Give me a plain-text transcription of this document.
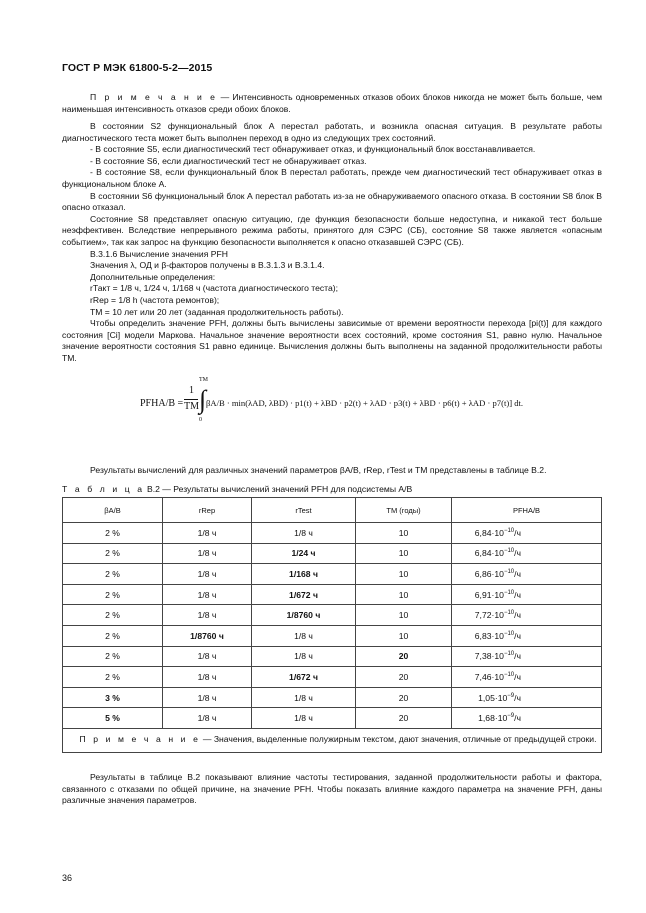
ГОСТ Р МЭК 61800-5-2—2015

П р и м е ч а н и е — Интенсивность одновременных отказов обоих блоков никогда не может быть больше, чем наименьшая интенсивность отказов среди обоих блоков.

В состоянии S2 функциональный блок А перестал работать, и возникла опасная ситуация. В результате работы диагностического теста может быть выполнен переход в одно из следующих трех состояний.

- В состояние S5, если диагностический тест обнаруживает отказ, и функциональный блок восстанавливается.

- В состояние S6, если диагностический тест не обнаруживает отказ.

- В состояние S8, если функциональный блок В перестал работать, прежде чем диагностический тест обнаруживает отказ в функциональном блоке А.

В состоянии S6 функциональный блок А перестал работать из-за не обнаруживаемого опасного отказа. В состоянии S8 блок В опасно отказал.

Состояние S8 представляет опасную ситуацию, где функция безопасности больше недоступна, и никакой тест больше неэффективен. Вследствие непрерывного режима работы, принятого для СЭРС (СБ), состояние S8 также является «опасным событием», так как запрос на функцию безопасности выполняется к опасно отказавшей СЭРС (СБ).

B.3.1.6 Вычисление значения PFH

Значения λ, ОД и β-факторов получены в B.3.1.3 и B.3.1.4.

Дополнительные определения:

rТакт = 1/8 ч, 1/24 ч, 1/168 ч (частота диагностического теста);

rRep = 1/8 h (частота ремонтов);

TM = 10 лет или 20 лет (заданная продолжительность работы).

Чтобы определить значение PFH, должны быть вычислены зависимые от времени вероятности перехода [pi(t)] для каждого состояния [Ci] модели Маркова. Начальное значение вероятности всех состояний, кроме состояния S1, равно нулю. Начальное значение вероятности состояния S1 равно единице. Вычисления должны быть выполнены на заданной продолжительности работы TM.

PFHA/B =
1
TM
TM
∫
0
βA/B · min(λAD, λBD) · p1(t) + λBD · p2(t) + λAD · p3(t) + λBD · p6(t) + λAD · p7(t)] dt.

Результаты вычислений для различных значений параметров βA/B, rRep, rTest и TM представлены в таблице B.2.

Т а б л и ц а B.2 — Результаты вычислений значений PFH для подсистемы A/B
βA/B	rRep	rTest	TM (годы)	PFHA/B
2 %	1/8 ч	1/8 ч	10	$6,84\cdot 10^{-10}/ч$
2 %	1/8 ч	1/24 ч	10	$6,84\cdot 10^{-10}/ч$
2 %	1/8 ч	1/168 ч	10	$6,86\cdot 10^{-10}/ч$
2 %	1/8 ч	1/672 ч	10	$6,91\cdot 10^{-10}/ч$
2 %	1/8 ч	1/8760 ч	10	$7,72\cdot 10^{-10}/ч$
2 %	1/8760 ч	1/8 ч	10	$6,83\cdot 10^{-10}/ч$
2 %	1/8 ч	1/8 ч	20	$7,38\cdot 10^{-10}/ч$
2 %	1/8 ч	1/672 ч	20	$7,46\cdot 10^{-10}/ч$
3 %	1/8 ч	1/8 ч	20	$1,05\cdot 10^{-9}/ч$
5 %	1/8 ч	1/8 ч	20	$1,68\cdot 10^{-9}/ч$
П р и м е ч а н и е — Значения, выделенные полужирным текстом, дают значения, отличные от предыдущей строки.				

Результаты в таблице B.2 показывают влияние частоты тестирования, заданной продолжительности работы и фактора, связанного с отказами по общей причине, на значение PFH. Чтобы показать влияние каждого параметра на значение PFH, даны различные значения параметров.

36
